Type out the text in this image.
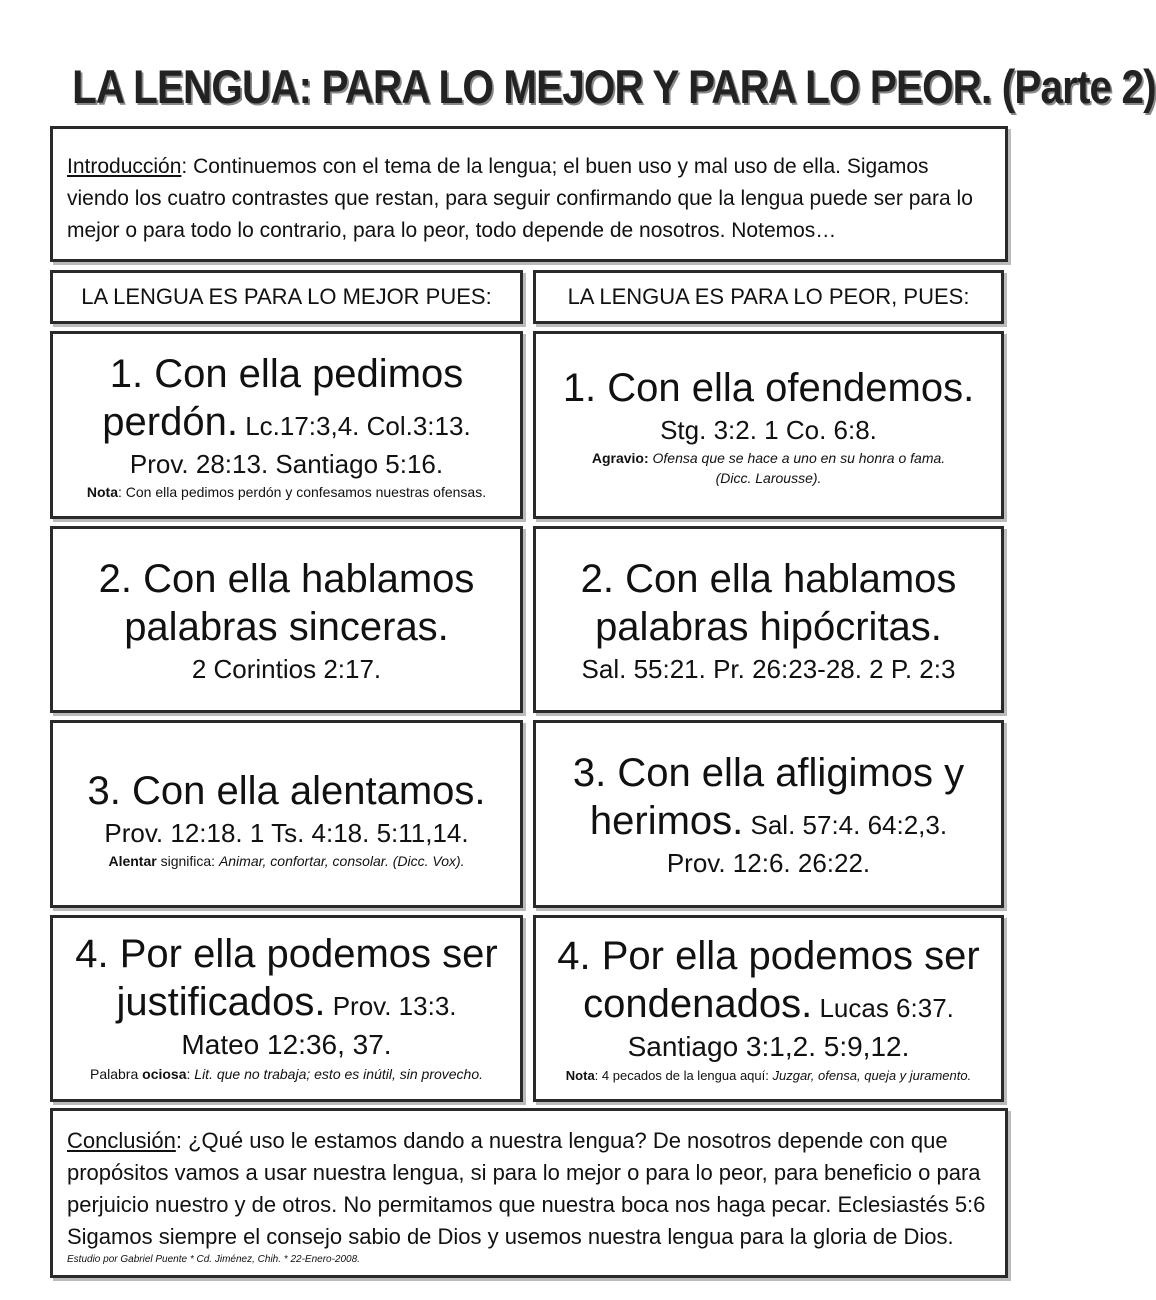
LA LENGUA: PARA LO MEJOR Y PARA LO PEOR. (Parte 2)
Introducción: Continuemos con el tema de la lengua; el buen uso y mal uso de ella. Sigamos viendo los cuatro contrastes que restan, para seguir confirmando que la lengua puede ser para lo mejor o para todo lo contrario, para lo peor, todo depende de nosotros. Notemos…
LA LENGUA ES PARA LO MEJOR PUES:	LA LENGUA ES PARA LO PEOR, PUES:
1. Con ella pedimos
perdón. Lc.17:3,4. Col.3:13.
Prov. 28:13. Santiago 5:16.
Nota: Con ella pedimos perdón y confesamos nuestras ofensas.
2. Con ella hablamos
palabras sinceras.
2 Corintios 2:17.
3. Con ella alentamos.
Prov. 12:18. 1 Ts. 4:18. 5:11,14.
Alentar significa: Animar, confortar, consolar. (Dicc. Vox).
4. Por ella podemos ser
justificados. Prov. 13:3.
Mateo 12:36, 37.
Palabra ociosa: Lit. que no trabaja; esto es inútil, sin provecho.
1. Con ella ofendemos.
Stg. 3:2. 1 Co. 6:8.
Agravio: Ofensa que se hace a uno en su honra o fama.
(Dicc. Larousse).
2. Con ella hablamos
palabras hipócritas.
Sal. 55:21. Pr. 26:23-28. 2 P. 2:3
3. Con ella afligimos y
herimos. Sal. 57:4. 64:2,3.
Prov. 12:6. 26:22.
4. Por ella podemos ser
condenados. Lucas 6:37.
Santiago 3:1,2. 5:9,12.
Nota: 4 pecados de la lengua aquí: Juzgar, ofensa, queja y juramento.
Conclusión: ¿Qué uso le estamos dando a nuestra lengua? De nosotros depende con que propósitos vamos a usar nuestra lengua, si para lo mejor o para lo peor, para beneficio o para perjuicio nuestro y de otros. No permitamos que nuestra boca nos haga pecar. Eclesiastés 5:6 Sigamos siempre el consejo sabio de Dios y usemos nuestra lengua para la gloria de Dios.
Estudio por Gabriel Puente * Cd. Jiménez, Chih. * 22-Enero-2008.
